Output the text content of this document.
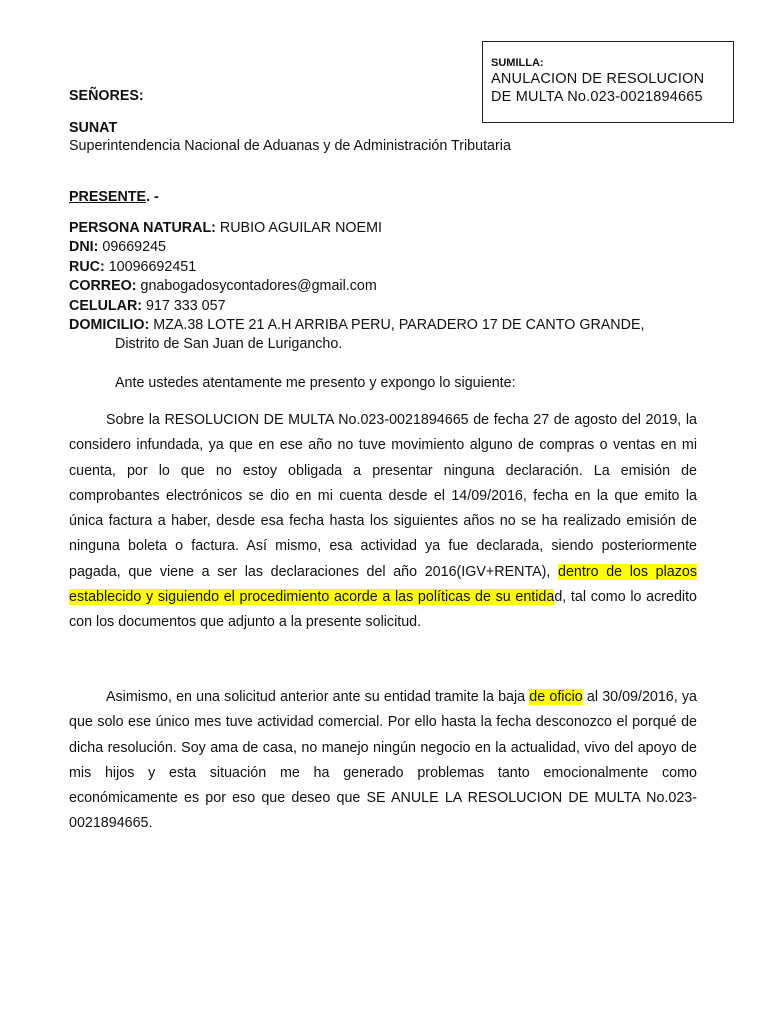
SUMILLA:
ANULACION DE RESOLUCION
DE MULTA No.023-0021894665
SEÑORES:
SUNAT
Superintendencia Nacional de Aduanas y de Administración Tributaria
PRESENTE. -
PERSONA NATURAL: RUBIO AGUILAR NOEMI
DNI: 09669245
RUC: 10096692451
CORREO: gnabogadosycontadores@gmail.com
CELULAR: 917 333 057
DOMICILIO: MZA.38 LOTE 21 A.H ARRIBA PERU, PARADERO 17 DE CANTO GRANDE,
Distrito de San Juan de Lurigancho.
Ante ustedes atentamente me presento y expongo lo siguiente:
Sobre la RESOLUCION DE MULTA No.023-0021894665 de fecha 27 de agosto del 2019, la considero infundada, ya que en ese año no tuve movimiento alguno de compras o ventas en mi cuenta, por lo que no estoy obligada a presentar ninguna declaración. La emisión de comprobantes electrónicos se dio en mi cuenta desde el 14/09/2016, fecha en la que emito la única factura a haber, desde esa fecha hasta los siguientes años no se ha realizado emisión de ninguna boleta o factura. Así mismo, esa actividad ya fue declarada, siendo posteriormente pagada, que viene a ser las declaraciones del año 2016(IGV+RENTA), dentro de los plazos establecido y siguiendo el procedimiento acorde a las políticas de su entidad, tal como lo acredito con los documentos que adjunto a la presente solicitud.
Asimismo, en una solicitud anterior ante su entidad tramite la baja de oficio al 30/09/2016, ya que solo ese único mes tuve actividad comercial. Por ello hasta la fecha desconozco el porqué de dicha resolución. Soy ama de casa, no manejo ningún negocio en la actualidad, vivo del apoyo de mis hijos y esta situación me ha generado problemas tanto emocionalmente como económicamente es por eso que deseo que SE ANULE LA RESOLUCION DE MULTA No.023-0021894665.
